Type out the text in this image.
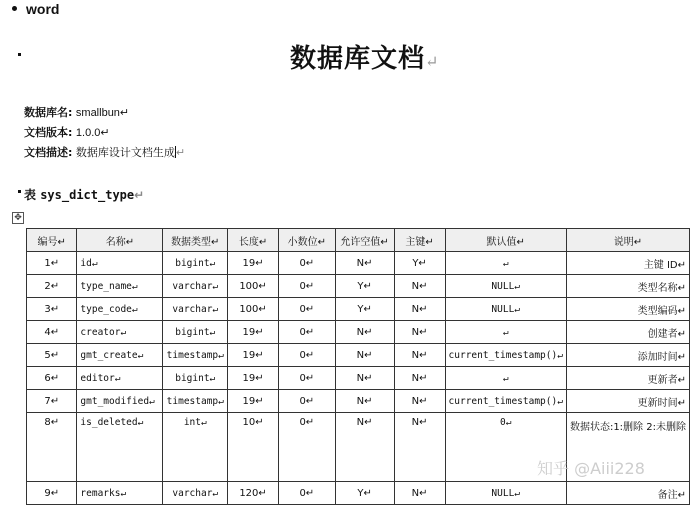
word
数据库文档↵
数据库名: smallbun↵
文档版本: 1.0.0↵
文档描述: 数据库设计文档生成↵
表 sys_dict_type↵
✥
编号↵	名称↵	数据类型↵	长度↵	小数位↵	允许空值↵	主键↵	默认值↵	说明↵
1↵	id↵	bigint↵	19↵	0↵	N↵	Y↵	↵	主键 ID↵
2↵	type_name↵	varchar↵	100↵	0↵	Y↵	N↵	NULL↵	类型名称↵
3↵	type_code↵	varchar↵	100↵	0↵	Y↵	N↵	NULL↵	类型编码↵
4↵	creator↵	bigint↵	19↵	0↵	N↵	N↵	↵	创建者↵
5↵	gmt_create↵	timestamp↵	19↵	0↵	N↵	N↵	current_timestamp()↵	添加时间↵
6↵	editor↵	bigint↵	19↵	0↵	N↵	N↵	↵	更新者↵
7↵	gmt_modified↵	timestamp↵	19↵	0↵	N↵	N↵	current_timestamp()↵	更新时间↵
8↵	is_deleted↵	int↵	10↵	0↵	N↵	N↵	0↵	数据状态:1:删除 2:未删除
9↵	remarks↵	varchar↵	120↵	0↵	Y↵	N↵	NULL↵	备注↵
知乎 @Aiii228
